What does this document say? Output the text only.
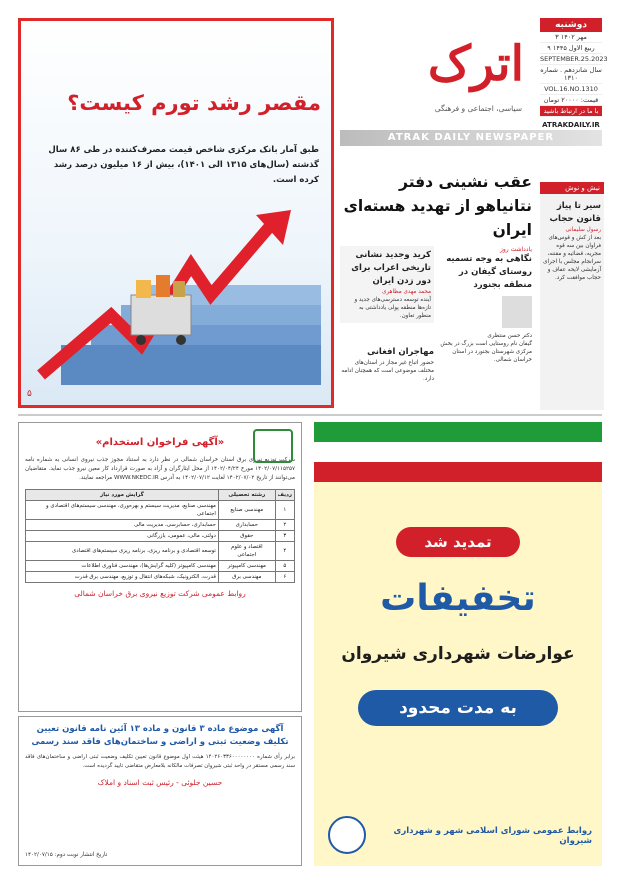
مقصر رشد تورم کیست؟

طبق آمار بانک مرکزی شاخص قیمت مصرف‌کننده در طی ۸۶ سال گذشته (سال‌های ۱۳۱۵ الی ۱۴۰۱)، بیش از ۱۶ میلیون درصد رشد کرده است.

۵
دوشنبه
۳ مهر ۱۴۰۲
۹ ربیع الاول ۱۴۴۵
SEPTEMBER.25.2023
سال شانزدهم . شماره ۱۳۱۰
VOL.16.NO.1310
قیمت: ۲۰۰۰۰ تومان
با ما در ارتباط باشید
ATRAKDAILY.IR
اترک
سیاسی، اجتماعی و فرهنگی
ATRAK DAILY NEWSPAPER
عقب نشینی دفتر نتانیاهو از تهدید هسته‌ای ایران
یادداشت روز
نگاهی به وجه تسمیه روستای گیفان در منطقه بجنورد
دکتر حسن منتظری
گیفان نام روستایی است بزرگ در بخش مرکزی شهرستان بجنورد در استان خراسان شمالی.
کرید وجدید نشانی تاریخی اعراب برای دور زدن ایران
محمد مهدی مظاهری
آینده توسعه دسترسی‌های جدید و تازه‌ها منطقه پولی یادداشتی به منظور تعاون.
مهاجران افغانی
حضور اتباع غیر مجاز در استان‌های مختلف موضوعی است که همچنان ادامه دارد.
نیش و نوش
سیر تا پیاز قانون حجاب
رسول سلیمانی
بعد از کش و قوس‌های فراوان بین سه قوه مجریه، قضائیه و مقننه، سرانجام مجلس با اجرای آزمایشی لایحه عفاف و حجاب موافقت کرد.
«آگهی فراخوان استخدام»
شرکت توزیع نیروی برق استان خراسان شمالی در نظر دارد به استناد مجوز جذب نیروی انسانی به شماره نامه ۱۴۰۲/۰۷/۱۱۵۲۵۷ مورخ ۱۴۰۲/۰۴/۲۴ از محل ایثارگران و آزاد به صورت قرارداد کار معین نیرو جذب نماید. متقاضیان می‌توانند از تاریخ ۱۴۰۲/۰۷/۰۲ لغایت ۱۴۰۲/۰۷/۱۲ به آدرس WWW.NKEDC.IR مراجعه نمایند.
ردیف	رشته تحصیلی	گرایش مورد نیاز
۱	مهندسی صنایع	مهندسی صنایع، مدیریت سیستم و بهره‌وری، مهندسی سیستم‌های اقتصادی و اجتماعی
۲	حسابداری	حسابداری، حسابرسی، مدیریت مالی
۳	حقوق	دولتی، مالی، عمومی، بازرگانی
۴	اقتصاد و علوم اجتماعی	توسعه اقتصادی و برنامه ریزی، برنامه ریزی سیستم‌های اقتصادی
۵	مهندسی کامپیوتر	مهندسی کامپیوتر (کلیه گرایش‌ها)، مهندسی فناوری اطلاعات
۶	مهندسی برق	قدرت، الکترونیک، شبکه‌های انتقال و توزیع، مهندسی برق قدرت
روابط عمومی شرکت توزیع نیروی برق خراسان شمالی
آگهی موضوع ماده ۳ قانون و ماده ۱۳ آئین نامه قانون تعیین تکلیف وضعیت ثبتی و اراضی و ساختمان‌های فاقد سند رسمی
برابر رأی شماره ۱۴۰۲۶۰۳۳۶۰۰۰۰۰۰۰۰ هیئت اول موضوع قانون تعیین تکلیف وضعیت ثبتی اراضی و ساختمان‌های فاقد سند رسمی مستقر در واحد ثبتی شیروان تصرفات مالکانه بلامعارض متقاضی تایید گردیده است.
حسین جلوئی - رئیس ثبت اسناد و املاک
تاریخ انتشار نوبت دوم: ۱۴۰۲/۰۷/۱۵
تمدید شد
تخفیفات
عوارضات شهرداری شیروان
به مدت محدود
روابط عمومی شورای اسلامی شهر و شهرداری شیروان
